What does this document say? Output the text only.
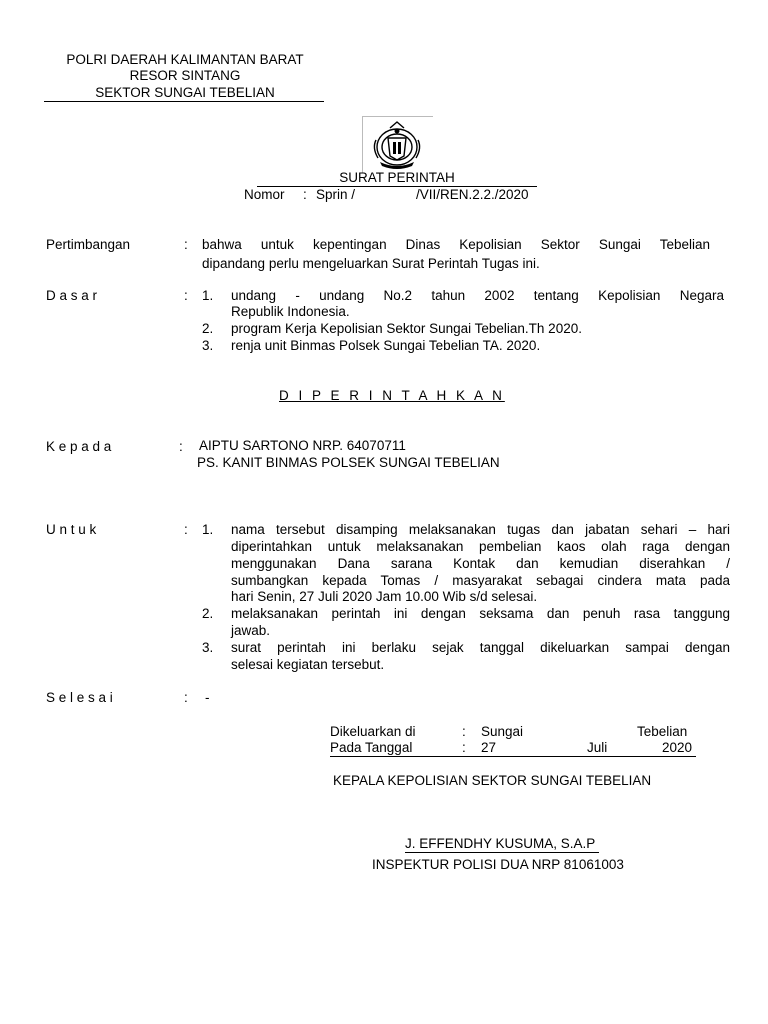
POLRI DAERAH KALIMANTAN BARAT
RESOR SINTANG
SEKTOR SUNGAI TEBELIAN
SURAT PERINTAH
Nomor : Sprin /	/VII/REN.2.2./2020
Pertimbangan	: bahwa untuk kepentingan Dinas Kepolisian Sektor Sungai Tebelian
dipandang perlu mengeluarkan Surat Perintah Tugas ini.
D a s a r	: 1. undang - undang No.2 tahun 2002 tentang Kepolisian Negara
Republik Indonesia.
2. program Kerja Kepolisian Sektor Sungai Tebelian.Th 2020.
3. renja unit Binmas Polsek Sungai Tebelian TA. 2020.
D I P E R I N T A H K A N
K e p a d a	: AIPTU SARTONO NRP. 64070711
PS. KANIT BINMAS POLSEK SUNGAI TEBELIAN
U n t u k	: 1. nama tersebut disamping melaksanakan tugas dan jabatan sehari – hari
diperintahkan untuk melaksanakan pembelian kaos olah raga dengan
menggunakan Dana sarana Kontak dan kemudian diserahkan /
sumbangkan kepada Tomas / masyarakat sebagai cindera mata pada
hari Senin, 27 Juli 2020 Jam 10.00 Wib s/d selesai.
2. melaksanakan perintah ini dengan seksama dan penuh rasa tanggung
jawab.
3. surat perintah ini berlaku sejak tanggal dikeluarkan sampai dengan
selesai kegiatan tersebut.
S e l e s a i	: -
Dikeluarkan di	: Sungai	Tebelian
Pada Tanggal	: 27	Juli	2020
KEPALA KEPOLISIAN SEKTOR SUNGAI TEBELIAN
J. EFFENDHY KUSUMA, S.A.P
INSPEKTUR POLISI DUA NRP 81061003
